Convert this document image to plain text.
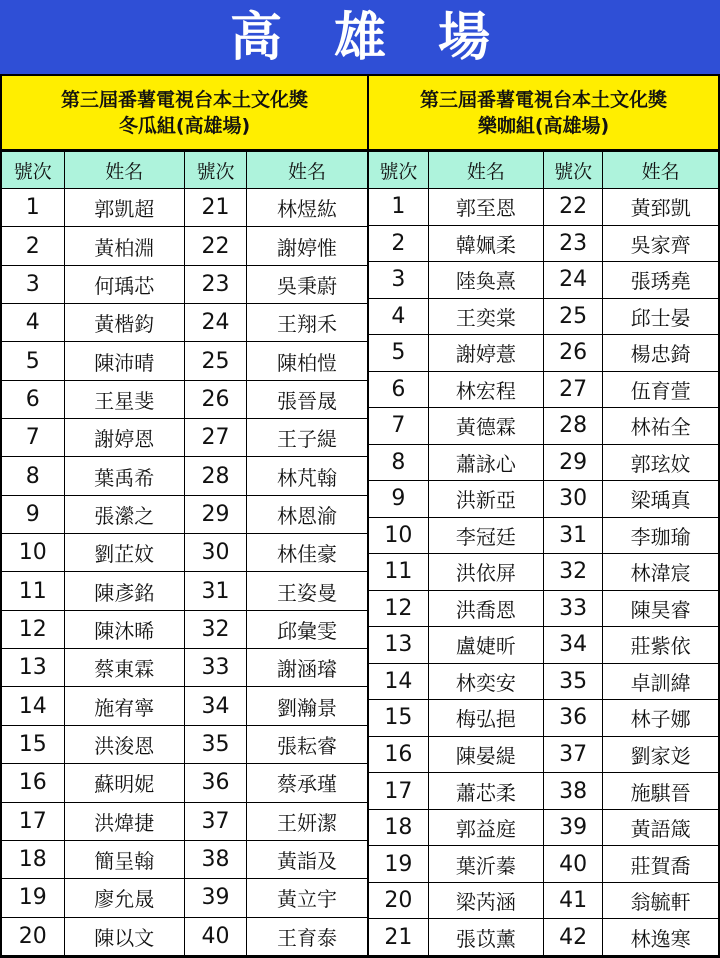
高　雄　場
第三屆番薯電視台本土文化獎
冬瓜組(高雄場)
號次	姓名	號次	姓名
1	郭凱超	21	林煜紘
2	黃柏淵	22	謝婷惟
3	何瑀芯	23	吳秉蔚
4	黃楷鈞	24	王翔禾
5	陳沛晴	25	陳柏愷
6	王星斐	26	張晉晟
7	謝婷恩	27	王子緹
8	葉禹希	28	林芃翰
9	張瀠之	29	林恩渝
10	劉芷妏	30	林佳豪
11	陳彥銘	31	王姿曼
12	陳沐晞	32	邱彙雯
13	蔡東霖	33	謝涵璿
14	施宥寧	34	劉瀚景
15	洪浚恩	35	張耘睿
16	蘇明妮	36	蔡承瑾
17	洪煒捷	37	王妍潔
18	簡呈翰	38	黃詣及
19	廖允晟	39	黃立宇
20	陳以文	40	王育泰
第三屆番薯電視台本土文化獎
樂咖組(高雄場)
號次	姓名	號次	姓名
1	郭至恩	22	黃郅凱
2	韓姵柔	23	吳家齊
3	陸奐熹	24	張琇堯
4	王奕棠	25	邱士晏
5	謝婷薏	26	楊忠錡
6	林宏程	27	伍育萱
7	黃德霖	28	林祐全
8	蕭詠心	29	郭玹妏
9	洪新亞	30	梁瑀真
10	李冠廷	31	李珈瑜
11	洪依屏	32	林湋宸
12	洪喬恩	33	陳昊睿
13	盧婕昕	34	莊紫依
14	林奕安	35	卓訓緯
15	梅弘挹	36	林子娜
16	陳晏緹	37	劉家彣
17	蕭芯柔	38	施騏晉
18	郭益庭	39	黃語箴
19	葉沂蓁	40	莊賀喬
20	梁芮涵	41	翁毓軒
21	張苡薰	42	林逸寒
